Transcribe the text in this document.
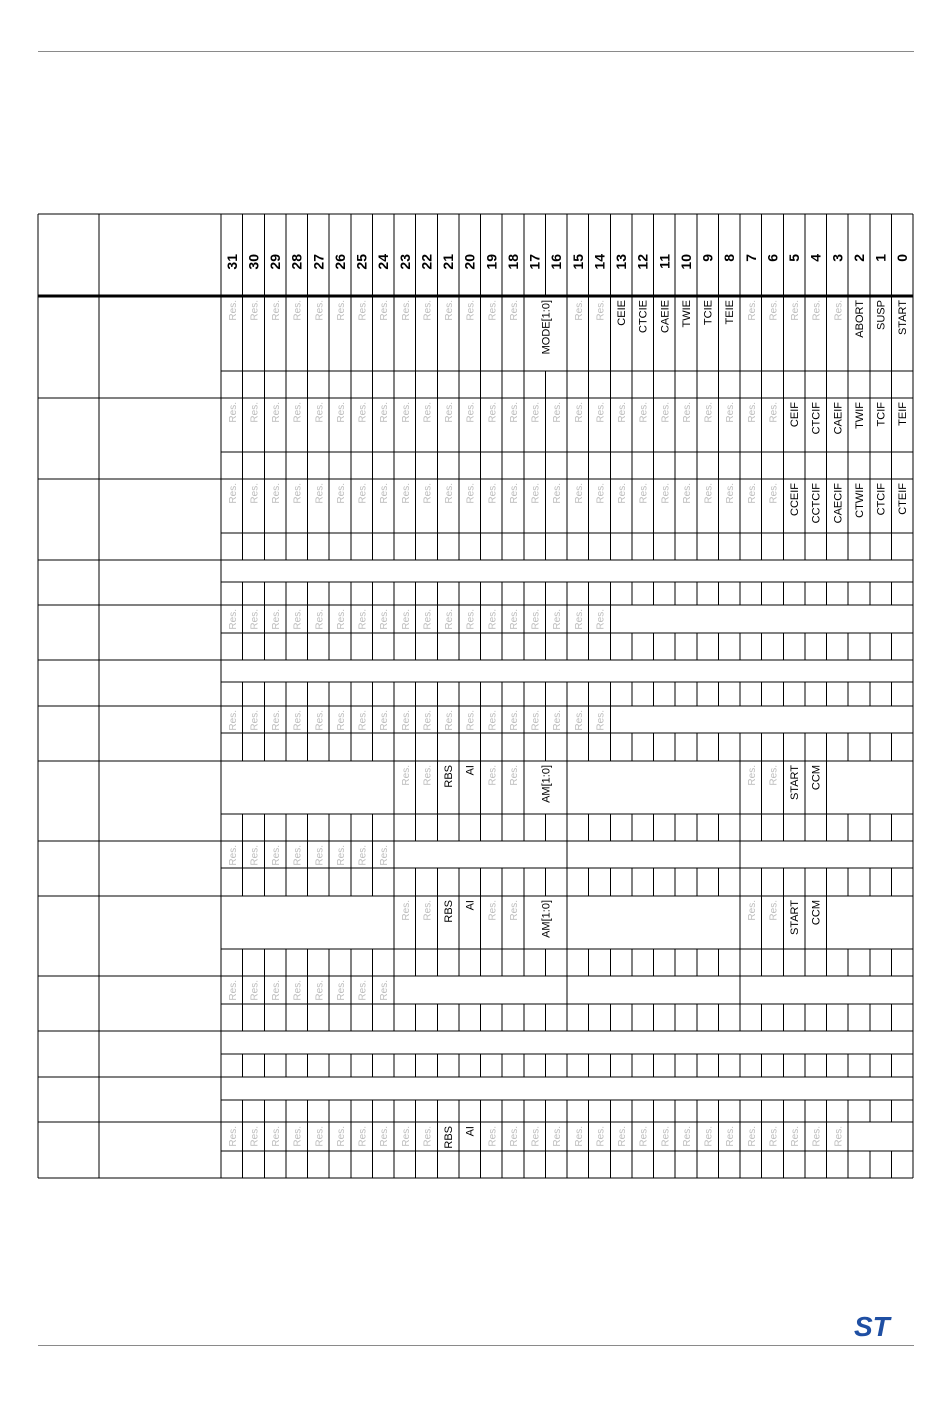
31 30 29 28 27 26 25 24 23 22 21 20 19 18 17 16 15 14 13 12 11 10 9 8 7 6 5 4 3 2 1 0
Res. Res. Res. Res. Res. Res. Res. Res. Res. Res. Res. Res. Res. Res. MODE[1:0] Res. Res. CEIE CTCIE CAEIE TWIE TCIE TEIE Res. Res. Res. Res. Res. ABORT SUSP START
Res. Res. Res. Res. Res. Res. Res. Res. Res. Res. Res. Res. Res. Res. Res. Res. Res. Res. Res. Res. Res. Res. Res. Res. Res. Res. CEIF CTCIF CAEIF TWIF TCIF TEIF
Res. Res. Res. Res. Res. Res. Res. Res. Res. Res. Res. Res. Res. Res. Res. Res. Res. Res. Res. Res. Res. Res. Res. Res. Res. Res. CCEIF CCTCIF CAECIF CTWIF CTCIF CTEIF
Res. Res. Res. Res. Res. Res. Res. Res. Res. Res. Res. Res. Res. Res. Res. Res. Res. Res.
Res. Res. Res. Res. Res. Res. Res. Res. Res. Res. Res. Res. Res. Res. Res. Res. Res. Res.
Res. Res. RBS AI Res. Res. AM[1:0]	Res. Res. START CCM
Res. Res. Res. Res. Res. Res. Res. Res.
Res. Res. RBS AI Res. Res. AM[1:0]	Res. Res. START CCM
Res. Res. Res. Res. Res. Res. Res. Res.
Res. Res. Res. Res. Res. Res. Res. Res. Res. Res. RBS AI Res. Res. Res. Res. Res. Res. Res. Res. Res. Res. Res. Res. Res. Res. Res. Res. Res.
ST
